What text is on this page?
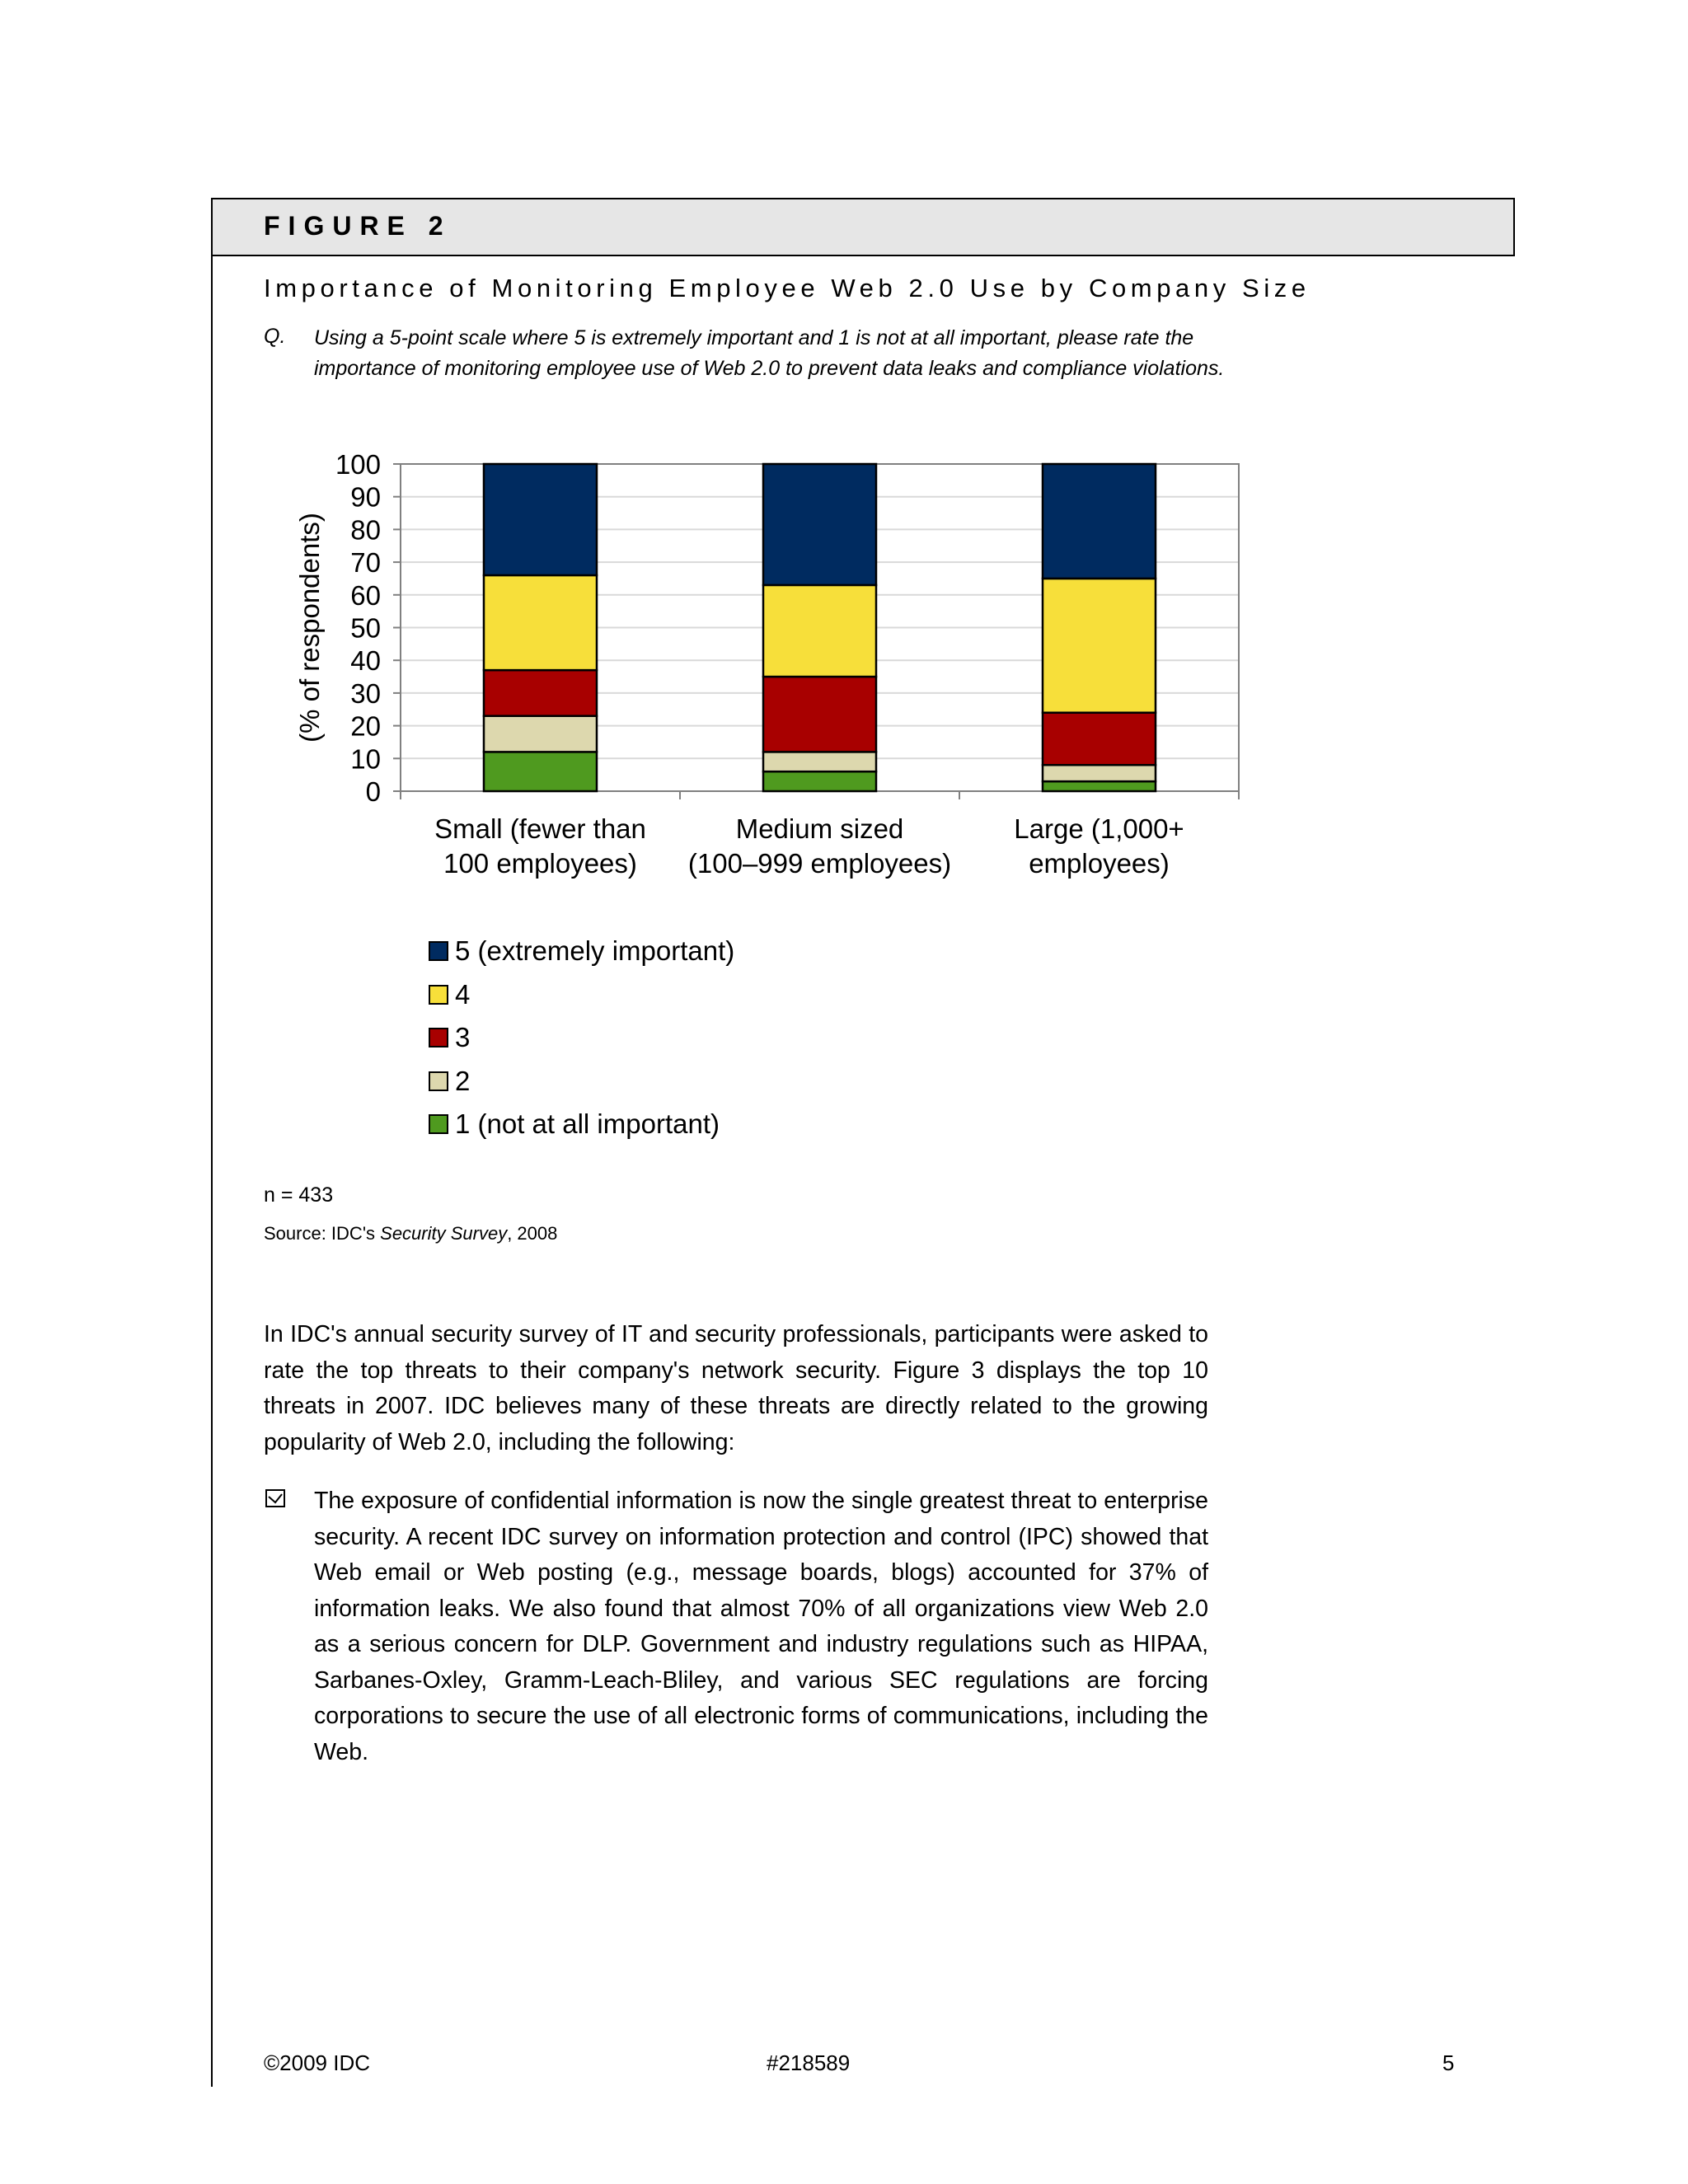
FIGURE 2
Importance of Monitoring Employee Web 2.0 Use by Company Size
Q. Using a 5-point scale where 5 is extremely important and 1 is not at all important, please rate the importance of monitoring employee use of Web 2.0 to prevent data leaks and compliance violations.
0
10
20
30
40
50
60
70
80
90
100
(% of respondents)
Small (fewer than
100 employees)
Medium sized
(100–999 employees)
Large (1,000+
employees)
5 (extremely important)
4
3
2
1 (not at all important)
n = 433
Source: IDC's Security Survey, 2008
In IDC's annual security survey of IT and security professionals, participants were asked to rate the top threats to their company's network security. Figure 3 displays the top 10 threats in 2007. IDC believes many of these threats are directly related to the growing popularity of Web 2.0, including the following:
The exposure of confidential information is now the single greatest threat to enterprise security. A recent IDC survey on information protection and control (IPC) showed that Web email or Web posting (e.g., message boards, blogs) accounted for 37% of information leaks. We also found that almost 70% of all organizations view Web 2.0 as a serious concern for DLP. Government and industry regulations such as HIPAA, Sarbanes-Oxley, Gramm-Leach-Bliley, and various SEC regulations are forcing corporations to secure the use of all electronic forms of communications, including the Web.
©2009 IDC	#218589	5
